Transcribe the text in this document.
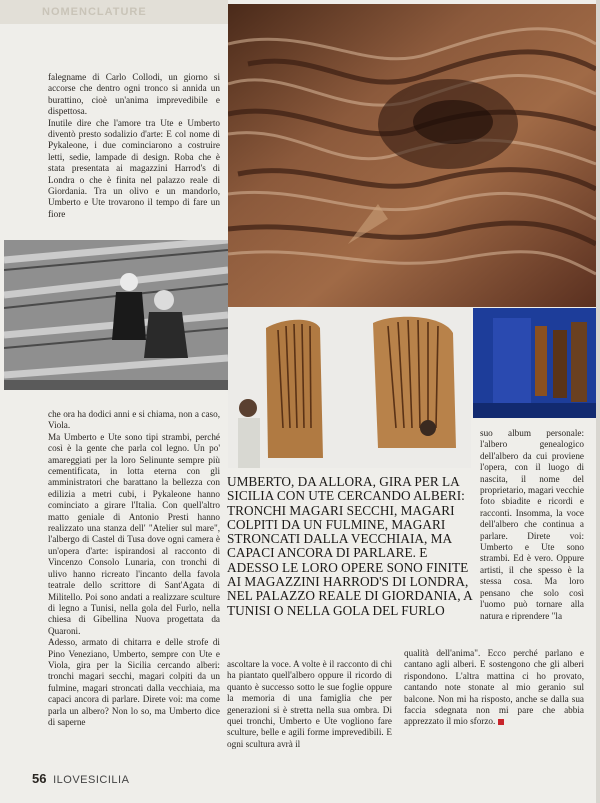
NOMENCLATURE

falegname di Carlo Collodi, un giorno si accorse che dentro ogni tronco si annida un burattino, cioè un'anima imprevedibile e dispettosa.

Inutile dire che l'amore tra Ute e Umberto diventò presto sodalizio d'arte: E col nome di Pykaleone, i due cominciarono a costruire letti, sedie, lampade di design. Roba che è stata presentata ai magazzini Harrod's di Londra o che è finita nel palazzo reale di Giordania. Tra un olivo e un mandorlo, Umberto e Ute trovarono il tempo di fare un fiore

che ora ha dodici anni e si chiama, non a caso, Viola.

Ma Umberto e Ute sono tipi strambi, perché così è la gente che parla col legno. Un po' amareggiati per la loro Selinunte sempre più cementificata, in lotta eterna con gli amministratori che barattano la bellezza con edilizia a metri cubi, i Pykaleone hanno cominciato a girare l'Italia. Con quell'altro matto geniale di Antonio Presti hanno realizzato una stanza dell' "Atelier sul mare", l'albergo di Castel di Tusa dove ogni camera è un'opera d'arte: ispirandosi al racconto di Vincenzo Consolo Lunaria, con tronchi di ulivo hanno ricreato l'incanto della favola teatrale dello scrittore di Sant'Agata di Militello. Poi sono andati a realizzare sculture di legno a Tunisi, nella gola del Furlo, nella chiesa di Gibellina Nuova progettata da Quaroni.

Adesso, armato di chitarra e delle strofe di Pino Veneziano, Umberto, sempre con Ute e Viola, gira per la Sicilia cercando alberi: tronchi magari secchi, magari colpiti da un fulmine, magari stroncati dalla vecchiaia, ma capaci ancora di parlare. Direte voi: ma come parla un albero? Non lo so, ma Umberto dice di saperne

UMBERTO, DA ALLORA, GIRA PER LA SICILIA CON UTE CERCANDO ALBERI: TRONCHI MAGARI SECCHI, MAGARI COLPITI DA UN FULMINE, MAGARI STRONCATI DALLA VECCHIAIA, MA CAPACI ANCORA DI PARLARE. E ADESSO LE LORO OPERE SONO FINITE AI MAGAZZINI HARROD'S DI LONDRA, NEL PALAZZO REALE DI GIORDANIA, A TUNISI O NELLA GOLA DEL FURLO

ascoltare la voce. A volte è il racconto di chi ha piantato quell'albero oppure il ricordo di quanto è successo sotto le sue foglie oppure la memoria di una famiglia che per generazioni si è stretta nella sua ombra. Di quei tronchi, Umberto e Ute vogliono fare sculture, belle e agili forme imprevedibili. E ogni scultura avrà il

suo album personale: l'albero genealogico dell'albero da cui proviene l'opera, con il luogo di nascita, il nome del proprietario, magari vecchie foto sbiadite e ricordi e racconti. Insomma, la voce dell'albero che continua a parlare. Direte voi: Umberto e Ute sono strambi. Ed è vero. Oppure artisti, il che spesso è la stessa cosa. Ma loro pensano che solo così l'uomo può tornare alla natura e riprendere "la

qualità dell'anima". Ecco perché parlano e cantano agli alberi. E sostengono che gli alberi rispondono. L'altra mattina ci ho provato, cantando note stonate al mio geranio sul balcone. Non mi ha risposto, anche se dalla sua faccia sdegnata non mi pare che abbia apprezzato il mio sforzo.
56 ILOVESICILIA
